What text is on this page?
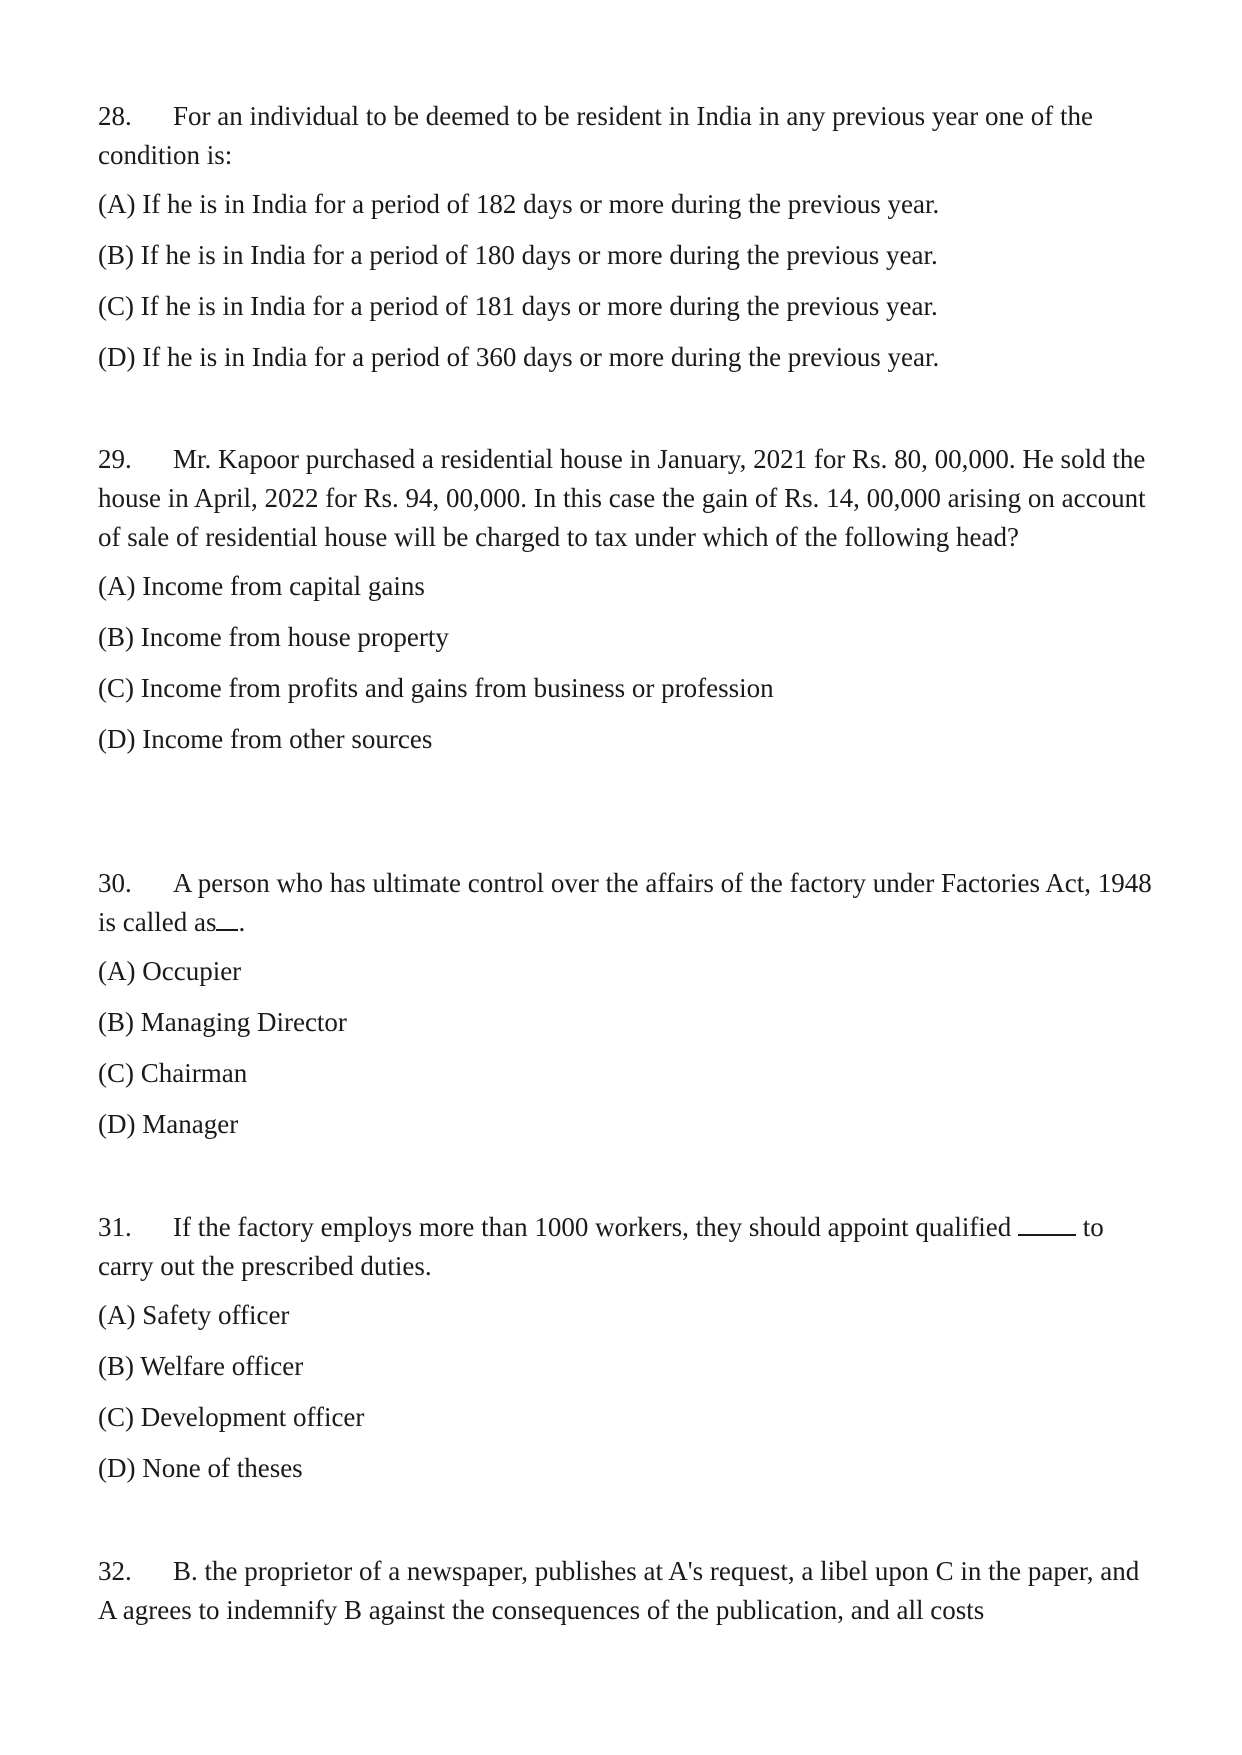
28. For an individual to be deemed to be resident in India in any previous year one of the condition is:

(A) If he is in India for a period of 182 days or more during the previous year.
(B) If he is in India for a period of 180 days or more during the previous year.
(C) If he is in India for a period of 181 days or more during the previous year.
(D) If he is in India for a period of 360 days or more during the previous year.

29. Mr. Kapoor purchased a residential house in January, 2021 for Rs. 80, 00,000. He sold the house in April, 2022 for Rs. 94, 00,000. In this case the gain of Rs. 14, 00,000 arising on account of sale of residential house will be charged to tax under which of the following head?

(A) Income from capital gains
(B) Income from house property
(C) Income from profits and gains from business or profession
(D) Income from other sources

30. A person who has ultimate control over the affairs of the factory under Factories Act, 1948 is called as .

(A) Occupier
(B) Managing Director
(C) Chairman
(D) Manager

31. If the factory employs more than 1000 workers, they should appoint qualified	to carry out the prescribed duties.

(A) Safety officer
(B) Welfare officer
(C) Development officer
(D) None of theses

32. B. the proprietor of a newspaper, publishes at A's request, a libel upon C in the paper, and A agrees to indemnify B against the consequences of the publication, and all costs
